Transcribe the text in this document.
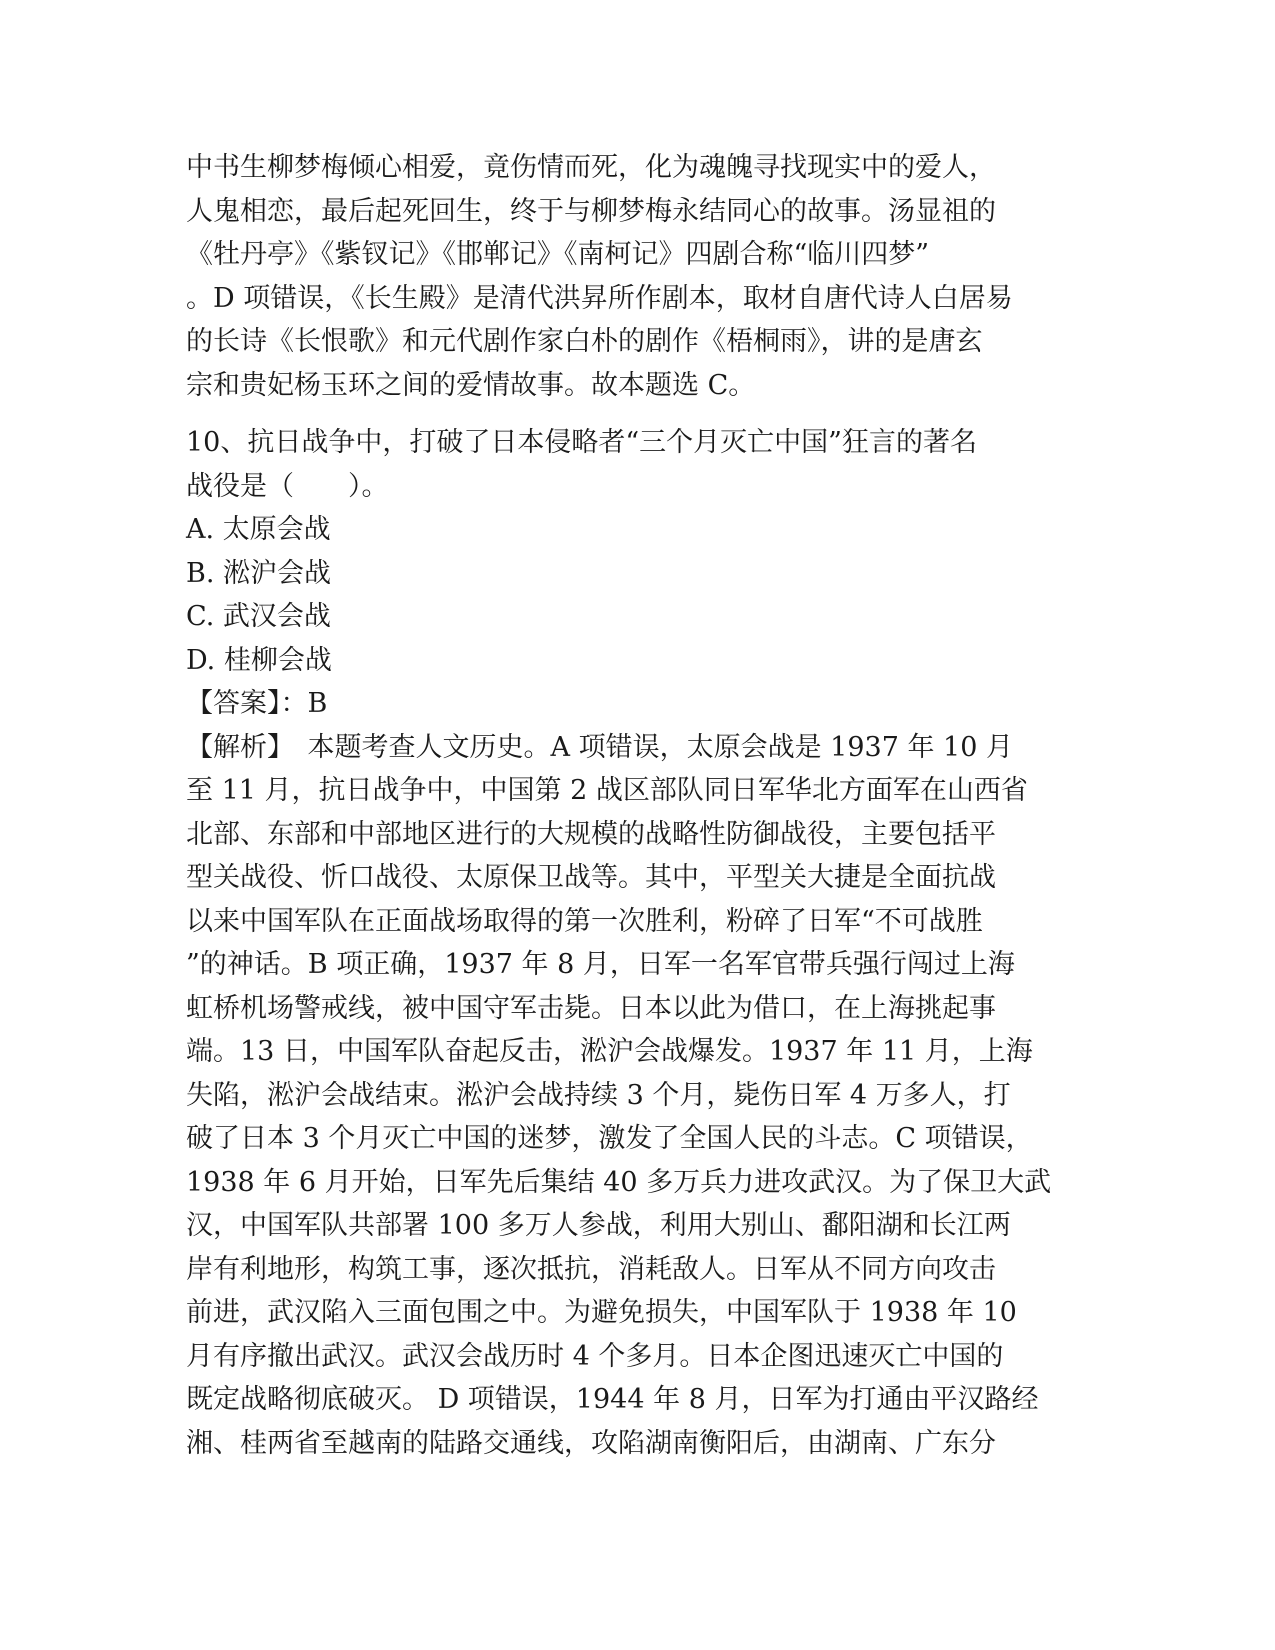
中书生柳梦梅倾心相爱，竟伤情而死，化为魂魄寻找现实中的爱人，
人鬼相恋，最后起死回生，终于与柳梦梅永结同心的故事。汤显祖的
《牡丹亭》《紫钗记》《邯郸记》《南柯记》四剧合称“临川四梦”
。D 项错误，《长生殿》是清代洪昇所作剧本，取材自唐代诗人白居易
的长诗《长恨歌》和元代剧作家白朴的剧作《梧桐雨》，讲的是唐玄
宗和贵妃杨玉环之间的爱情故事。故本题选 C。
10、抗日战争中，打破了日本侵略者“三个月灭亡中国”狂言的著名
战役是（　　）。
A. 太原会战
B. 淞沪会战
C. 武汉会战
D. 桂柳会战
【答案】：B
【解析】　本题考查人文历史。A 项错误，太原会战是 1937 年 10 月
至 11 月，抗日战争中，中国第 2 战区部队同日军华北方面军在山西省
北部、东部和中部地区进行的大规模的战略性防御战役，主要包括平
型关战役、忻口战役、太原保卫战等。其中，平型关大捷是全面抗战
以来中国军队在正面战场取得的第一次胜利，粉碎了日军“不可战胜
”的神话。B 项正确，1937 年 8 月，日军一名军官带兵强行闯过上海
虹桥机场警戒线，被中国守军击毙。日本以此为借口，在上海挑起事
端。13 日，中国军队奋起反击，淞沪会战爆发。1937 年 11 月，上海
失陷，淞沪会战结束。淞沪会战持续 3 个月，毙伤日军 4 万多人，打
破了日本 3 个月灭亡中国的迷梦，激发了全国人民的斗志。C 项错误，
1938 年 6 月开始，日军先后集结 40 多万兵力进攻武汉。为了保卫大武
汉，中国军队共部署 100 多万人参战，利用大别山、鄱阳湖和长江两
岸有利地形，构筑工事，逐次抵抗，消耗敌人。日军从不同方向攻击
前进，武汉陷入三面包围之中。为避免损失，中国军队于 1938 年 10
月有序撤出武汉。武汉会战历时 4 个多月。日本企图迅速灭亡中国的
既定战略彻底破灭。 D 项错误，1944 年 8 月，日军为打通由平汉路经
湘、桂两省至越南的陆路交通线，攻陷湖南衡阳后，由湖南、广东分
